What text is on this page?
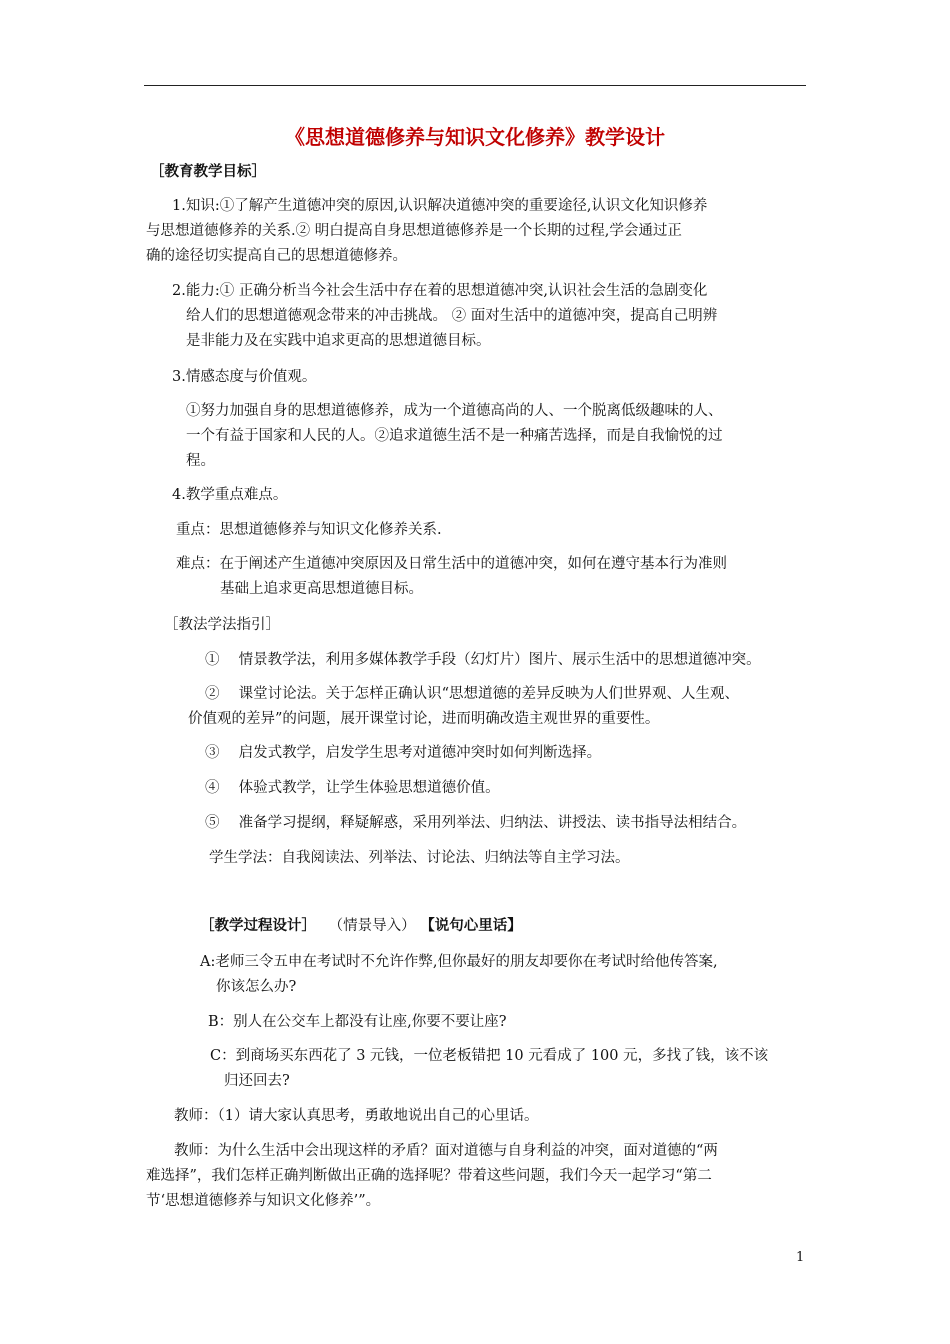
《思想道德修养与知识文化修养》教学设计
［教育教学目标］
1.知识:①了解产生道德冲突的原因,认识解决道德冲突的重要途径,认识文化知识修养
与思想道德修养的关系.② 明白提高自身思想道德修养是一个长期的过程,学会通过正
确的途径切实提高自己的思想道德修养。
2.能力:① 正确分析当今社会生活中存在着的思想道德冲突,认识社会生活的急剧变化
给人们的思想道德观念带来的冲击挑战。 ② 面对生活中的道德冲突，提高自己明辨
是非能力及在实践中追求更高的思想道德目标。
3.情感态度与价值观。
①努力加强自身的思想道德修养，成为一个道德高尚的人、一个脱离低级趣味的人、
一个有益于国家和人民的人。②追求道德生活不是一种痛苦选择，而是自我愉悦的过
程。
4.教学重点难点。
重点：思想道德修养与知识文化修养关系.
难点：在于阐述产生道德冲突原因及日常生活中的道德冲突，如何在遵守基本行为准则
基础上追求更高思想道德目标。
［教法学法指引］
①　 情景教学法，利用多媒体教学手段（幻灯片）图片、展示生活中的思想道德冲突。
②　 课堂讨论法。关于怎样正确认识“思想道德的差异反映为人们世界观、人生观、
价值观的差异”的问题，展开课堂讨论，进而明确改造主观世界的重要性。
③　 启发式教学，启发学生思考对道德冲突时如何判断选择。
④　 体验式教学，让学生体验思想道德价值。
⑤　 准备学习提纲，释疑解惑，采用列举法、归纳法、讲授法、读书指导法相结合。
学生学法：自我阅读法、列举法、讨论法、归纳法等自主学习法。
［教学过程设计］ （情景导入） 【说句心里话】
A:老师三令五申在考试时不允许作弊,但你最好的朋友却要你在考试时给他传答案,
你该怎么办?
B：别人在公交车上都没有让座,你要不要让座?
C：到商场买东西花了 3 元钱，一位老板错把 10 元看成了 100 元，多找了钱，该不该
归还回去?
教师：（1）请大家认真思考，勇敢地说出自己的心里话。
教师：为什么生活中会出现这样的矛盾？面对道德与自身利益的冲突，面对道德的“两
难选择”，我们怎样正确判断做出正确的选择呢？带着这些问题，我们今天一起学习“第二
节‘思想道德修养与知识文化修养’”。
1
